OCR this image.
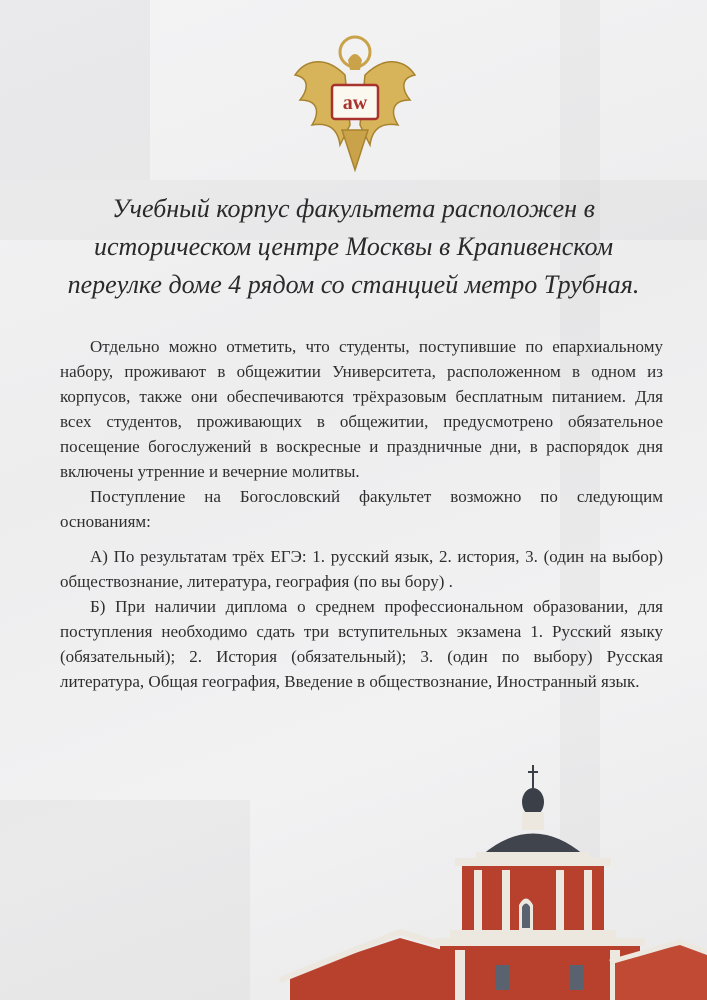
aw
Учебный корпус факультета расположен в
историческом центре Москвы в Крапивенском
переулке доме 4 рядом со станцией метро Трубная.

Отдельно можно отметить, что студенты, поступившие по епархиальному набору, проживают в общежитии Университета, расположенном в одном из корпусов, также они обеспечиваются трёхразовым бесплатным питанием. Для всех студентов, проживающих в общежитии, предусмотрено обязательное посещение богослужений в воскресные и праздничные дни, в распорядок дня включены утренние и вечерние молитвы.

Поступление на Богословский факультет возможно по следующим основаниям:

А) По результатам трёх ЕГЭ: 1. русский язык, 2. история, 3. (один на выбор) обществознание, литература, география (по вы бору) .

Б) При наличии диплома о среднем профессиональном образовании, для поступления необходимо сдать три вступительных экзамена 1. Русский языку (обязательный); 2. История (обязательный); 3. (один по выбору) Русская литература, Общая география, Введение в обществознание, Иностранный язык.
